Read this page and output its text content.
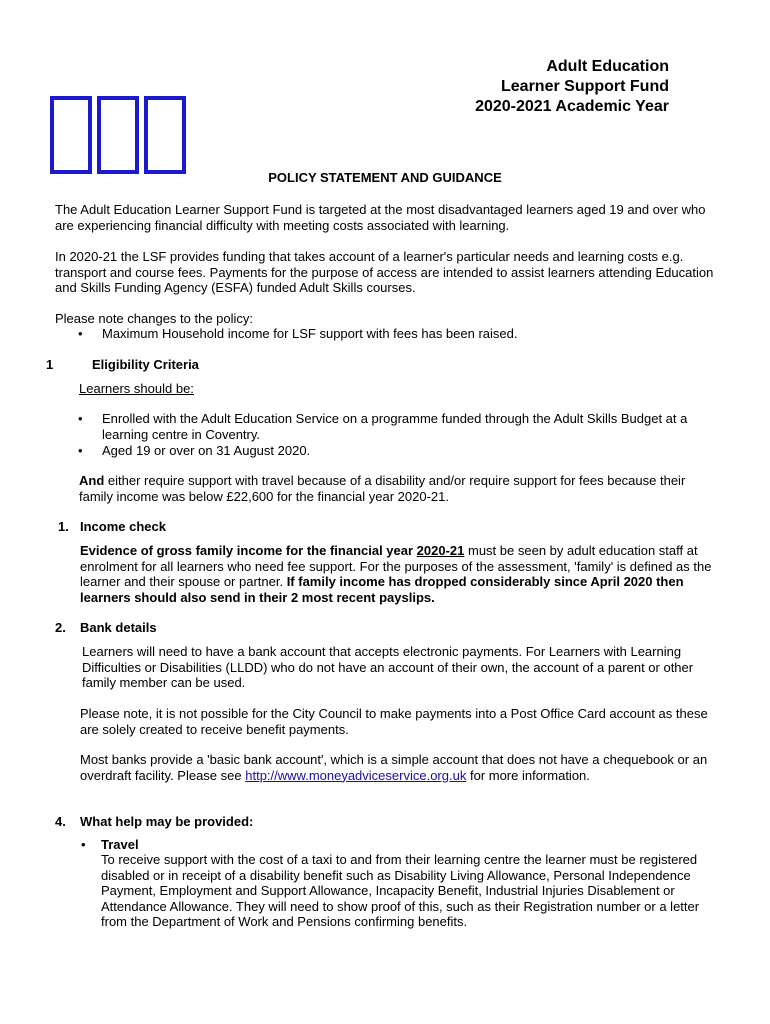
Adult Education
Learner Support Fund
2020-2021 Academic Year
POLICY STATEMENT AND GUIDANCE
The Adult Education Learner Support Fund is targeted at the most disadvantaged learners aged 19 and over who are experiencing financial difficulty with meeting costs associated with learning.
In 2020-21 the LSF provides funding that takes account of a learner's particular needs and learning costs e.g. transport and course fees. Payments for the purpose of access are intended to assist learners attending Education and Skills Funding Agency (ESFA) funded Adult Skills courses.
Please note changes to the policy:
• Maximum Household income for LSF support with fees has been raised.
1	Eligibility Criteria
Learners should be:
• Enrolled with the Adult Education Service on a programme funded through the Adult Skills Budget at a learning centre in Coventry.
• Aged 19 or over on 31 August 2020.
And either require support with travel because of a disability and/or require support for fees because their family income was below £22,600 for the financial year 2020-21.
1. Income check
Evidence of gross family income for the financial year 2020-21 must be seen by adult education staff at enrolment for all learners who need fee support. For the purposes of the assessment, 'family' is defined as the learner and their spouse or partner. If family income has dropped considerably since April 2020 then learners should also send in their 2 most recent payslips.
2. Bank details
Learners will need to have a bank account that accepts electronic payments. For Learners with Learning Difficulties or Disabilities (LLDD) who do not have an account of their own, the account of a parent or other family member can be used.
Please note, it is not possible for the City Council to make payments into a Post Office Card account as these are solely created to receive benefit payments.
Most banks provide a 'basic bank account', which is a simple account that does not have a chequebook or an overdraft facility. Please see http://www.moneyadviceservice.org.uk for more information.
4. What help may be provided:
• Travel
To receive support with the cost of a taxi to and from their learning centre the learner must be registered disabled or in receipt of a disability benefit such as Disability Living Allowance, Personal Independence Payment, Employment and Support Allowance, Incapacity Benefit, Industrial Injuries Disablement or Attendance Allowance. They will need to show proof of this, such as their Registration number or a letter from the Department of Work and Pensions confirming benefits.
